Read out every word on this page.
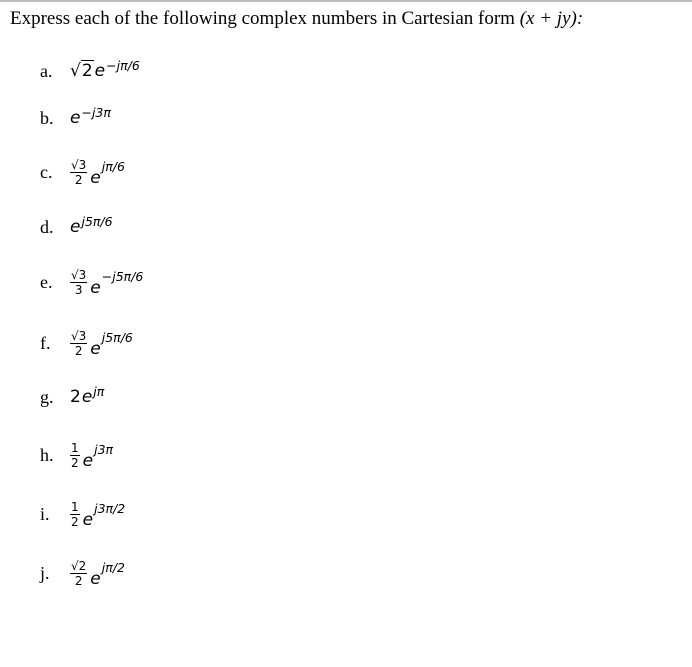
Express each of the following complex numbers in Cartesian form (x + jy):
a.	√2 e −jπ/6
b. e −j3π
c.	$\frac{√3}{2}$ e
jπ/6
d. e j5π/6
e.	$\frac{√3}{3}$ e
−j5π/6
f.	$\frac{√3}{2}$ e
j5π/6
g. 2 e jπ
h.	$\frac{1}{2}$ e
j3π
i.	$\frac{1}{2}$ e
j3π/2
j.	$\frac{√2}{2}$ e
jπ/2
